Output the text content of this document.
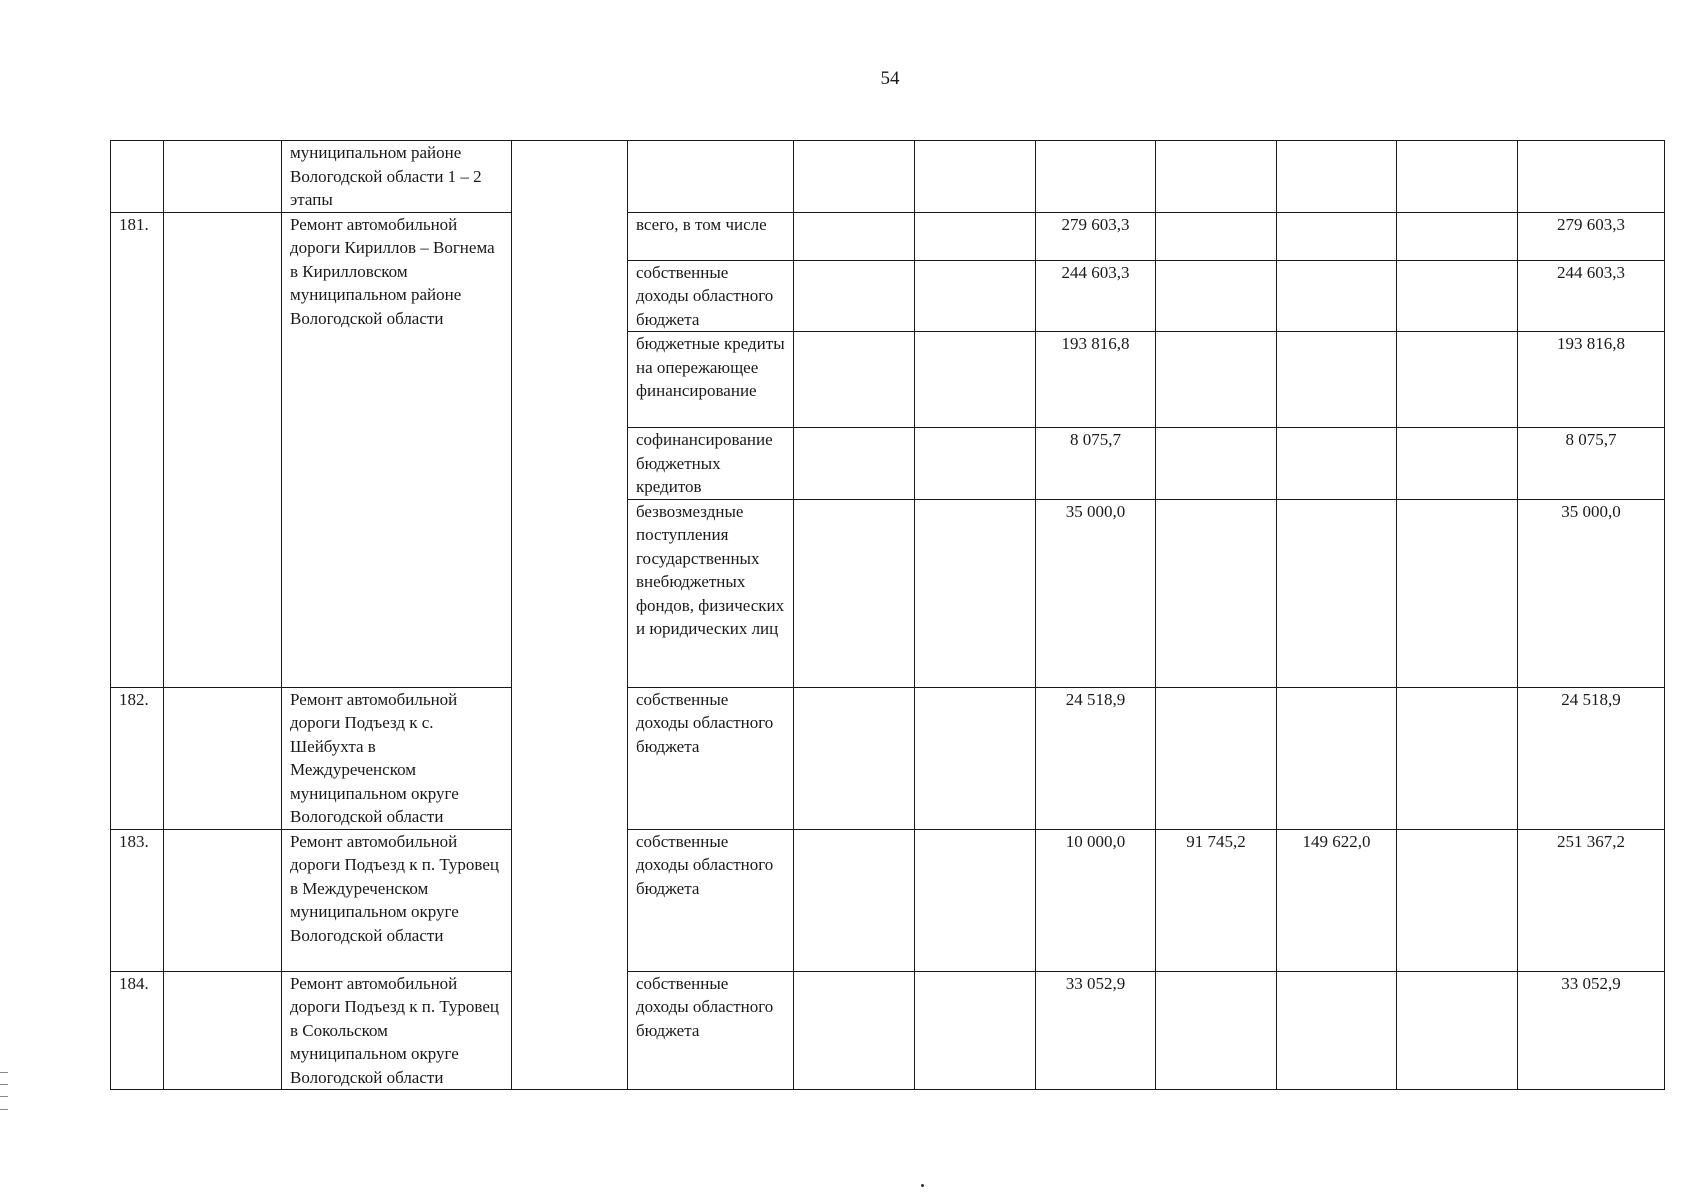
54
		муниципальном районе Вологодской области 1 – 2 этапы									
181.		Ремонт автомобильной дороги Кириллов – Вогнема в Кирилловском муниципальном районе Вологодской области		всего, в том числе			279 603,3				279 603,3
				собственные доходы областного бюджета			244 603,3				244 603,3
				бюджетные кредиты на опережающее финансирование			193 816,8				193 816,8
				софинансирование бюджетных кредитов			8 075,7				8 075,7
				безвозмездные поступления государственных внебюджетных фондов, физических и юридических лиц			35 000,0				35 000,0
182.		Ремонт автомобильной дороги Подъезд к с. Шейбухта в Междуреченском муниципальном округе Вологодской области		собственные доходы областного бюджета			24 518,9				24 518,9
183.		Ремонт автомобильной дороги Подъезд к п. Туровец в Междуреченском муниципальном округе Вологодской области		собственные доходы областного бюджета			10 000,0	91 745,2	149 622,0		251 367,2
184.		Ремонт автомобильной дороги Подъезд к п. Туровец в Сокольском муниципальном округе Вологодской области		собственные доходы областного бюджета			33 052,9				33 052,9
